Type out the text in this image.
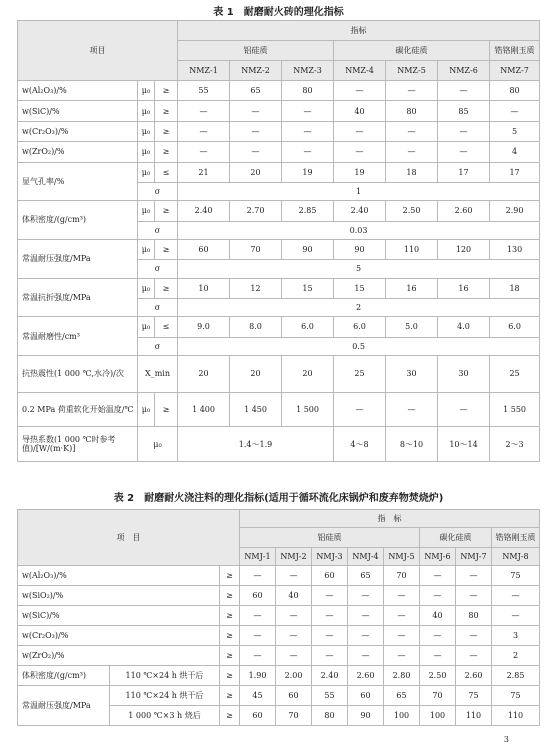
表 1　耐磨耐火砖的理化指标
项目			指标						
			铝硅质			碳化硅质			锆铬刚玉质
			NMZ-1	NMZ-2	NMZ-3	NMZ-4	NMZ-5	NMZ-6	NMZ-7
w(Al₂O₃)/%	μ₀	≥	55	65	80	—	—	—	80
w(SiC)/%	μ₀	≥	—	—	—	40	80	85	—
w(Cr₂O₃)/%	μ₀	≥	—	—	—	—	—	—	5
w(ZrO₂)/%	μ₀	≥	—	—	—	—	—	—	4
显气孔率/%	μ₀	≤	21	20	19	19	18	17	17
	σ		1						
体积密度/(g/cm³)	μ₀	≥	2.40	2.70	2.85	2.40	2.50	2.60	2.90
	σ		0.03						
常温耐压强度/MPa	μ₀	≥	60	70	90	90	110	120	130
	σ		5						
常温抗折强度/MPa	μ₀	≥	10	12	15	15	16	16	18
	σ		2						
常温耐磨性/cm³	μ₀	≤	9.0	8.0	6.0	6.0	5.0	4.0	6.0
	σ		0.5						
抗热震性(1 000 ℃,水冷)/次	X_min		20	20	20	25	30	30	25
0.2 MPa 荷重软化开始温度/℃	μ₀	≥	1 400	1 450	1 500	—	—	—	1 550
导热系数(1 000 ℃时参考值)/[W/(m·K)]	μ₀		1.4～1.9			4～8	8～10	10～14	2～3
表 2　耐磨耐火浇注料的理化指标(适用于循环流化床锅炉和废弃物焚烧炉)
项　目			指　标							
			铝硅质					碳化硅质		锆铬刚玉质
			NMJ-1	NMJ-2	NMJ-3	NMJ-4	NMJ-5	NMJ-6	NMJ-7	NMJ-8
w(Al₂O₃)/%		≥	—	—	60	65	70	—	—	75
w(SiO₂)/%		≥	60	40	—	—	—	—	—	—
w(SiC)/%		≥	—	—	—	—	—	40	80	—
w(Cr₂O₃)/%		≥	—	—	—	—	—	—	—	3
w(ZrO₂)/%		≥	—	—	—	—	—	—	—	2
体积密度/(g/cm³)	110 ℃×24 h 烘干后	≥	1.90	2.00	2.40	2.60	2.80	2.50	2.60	2.85
常温耐压强度/MPa	110 ℃×24 h 烘干后	≥	45	60	55	60	65	70	75	75
	1 000 ℃×3 h 烧后	≥	60	70	80	90	100	100	110	110
3
